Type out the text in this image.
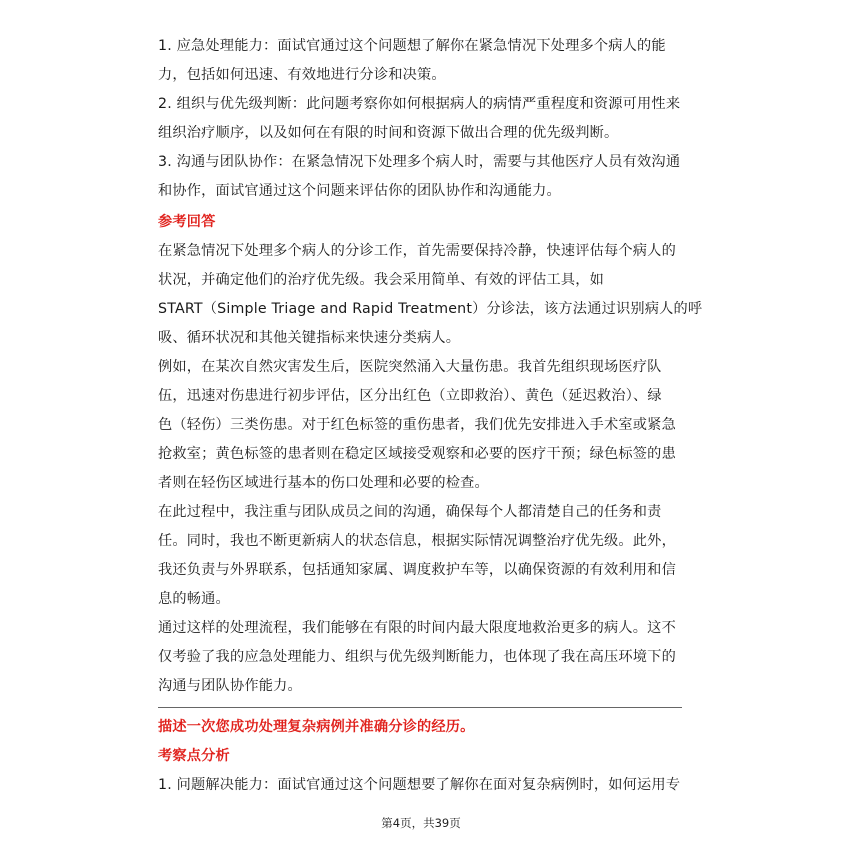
1. 应急处理能力：面试官通过这个问题想了解你在紧急情况下处理多个病人的能
力，包括如何迅速、有效地进行分诊和决策。
2. 组织与优先级判断：此问题考察你如何根据病人的病情严重程度和资源可用性来
组织治疗顺序，以及如何在有限的时间和资源下做出合理的优先级判断。
3. 沟通与团队协作：在紧急情况下处理多个病人时，需要与其他医疗人员有效沟通
和协作，面试官通过这个问题来评估你的团队协作和沟通能力。
参考回答
在紧急情况下处理多个病人的分诊工作，首先需要保持冷静，快速评估每个病人的
状况，并确定他们的治疗优先级。我会采用简单、有效的评估工具，如
START（Simple Triage and Rapid Treatment）分诊法，该方法通过识别病人的呼
吸、循环状况和其他关键指标来快速分类病人。
例如，在某次自然灾害发生后，医院突然涌入大量伤患。我首先组织现场医疗队
伍，迅速对伤患进行初步评估，区分出红色（立即救治）、黄色（延迟救治）、绿
色（轻伤）三类伤患。对于红色标签的重伤患者，我们优先安排进入手术室或紧急
抢救室；黄色标签的患者则在稳定区域接受观察和必要的医疗干预；绿色标签的患
者则在轻伤区域进行基本的伤口处理和必要的检查。
在此过程中，我注重与团队成员之间的沟通，确保每个人都清楚自己的任务和责
任。同时，我也不断更新病人的状态信息，根据实际情况调整治疗优先级。此外，
我还负责与外界联系，包括通知家属、调度救护车等，以确保资源的有效利用和信
息的畅通。
通过这样的处理流程，我们能够在有限的时间内最大限度地救治更多的病人。这不
仅考验了我的应急处理能力、组织与优先级判断能力，也体现了我在高压环境下的
沟通与团队协作能力。
描述一次您成功处理复杂病例并准确分诊的经历。
考察点分析
1. 问题解决能力：面试官通过这个问题想要了解你在面对复杂病例时，如何运用专
第4页，共39页
